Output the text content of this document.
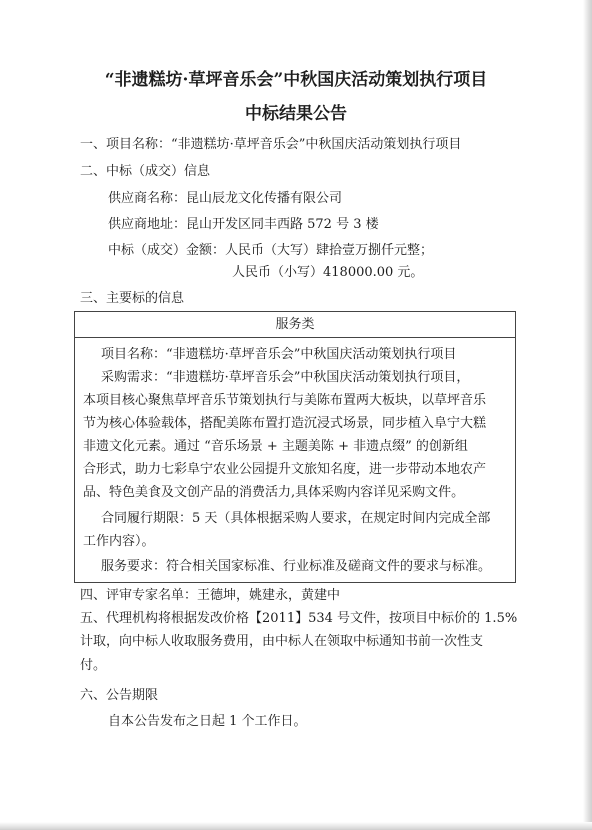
“非遗糕坊·草坪音乐会”中秋国庆活动策划执行项目
中标结果公告
一、项目名称：“非遗糕坊·草坪音乐会”中秋国庆活动策划执行项目
二、中标（成交）信息
供应商名称：昆山辰龙文化传播有限公司
供应商地址：昆山开发区同丰西路 572 号 3 楼
中标（成交）金额：人民币（大写）肆拾壹万捌仟元整；
人民币（小写）418000.00 元。
三、主要标的信息
服务类
项目名称：“非遗糕坊·草坪音乐会”中秋国庆活动策划执行项目
采购需求：“非遗糕坊·草坪音乐会”中秋国庆活动策划执行项目，
本项目核心聚焦草坪音乐节策划执行与美陈布置两大板块，以草坪音乐
节为核心体验载体，搭配美陈布置打造沉浸式场景，同步植入阜宁大糕
非遗文化元素。通过 “音乐场景 + 主题美陈 + 非遗点缀” 的创新组
合形式，助力七彩阜宁农业公园提升文旅知名度，进一步带动本地农产
品、特色美食及文创产品的消费活力,具体采购内容详见采购文件。
合同履行期限：5 天（具体根据采购人要求，在规定时间内完成全部
工作内容）。
服务要求：符合相关国家标准、行业标准及磋商文件的要求与标准。
四、评审专家名单：王德坤，姚建永，黄建中
五、代理机构将根据发改价格【2011】534 号文件，按项目中标价的 1.5%
计取，向中标人收取服务费用，由中标人在领取中标通知书前一次性支
付。
六、公告期限
自本公告发布之日起 1 个工作日。
